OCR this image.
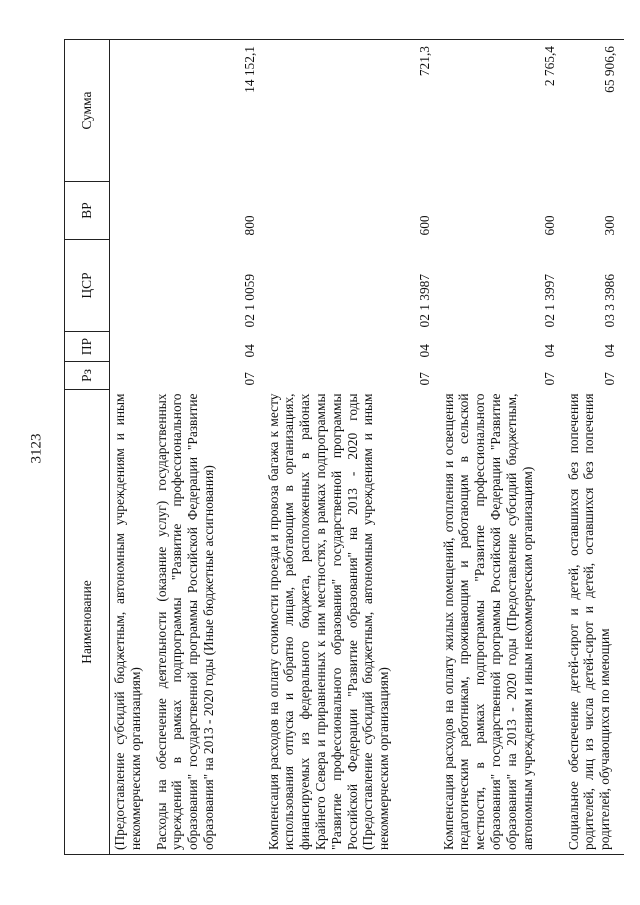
3123
Наименование	Рз	ПР	ЦСР	ВР	Сумма
(Предоставление субсидий бюджетным, автономным учреждениям и иным некоммерческим организациям)					
Расходы на обеспечение деятельности (оказание услуг) государственных учреждений в рамках подпрограммы "Развитие профессионального образования" государственной программы Российской Федерации "Развитие образования" на 2013 - 2020 годы (Иные бюджетные ассигнования)	07	04	02 1 0059	800	14 152,1
Компенсация расходов на оплату стоимости проезда и провоза багажа к месту использования отпуска и обратно лицам, работающим в организациях, финансируемых из федерального бюджета, расположенных в районах Крайнего Севера и приравненных к ним местностях, в рамках подпрограммы "Развитие профессионального образования" государственной программы Российской Федерации "Развитие образования" на 2013 - 2020 годы (Предоставление субсидий бюджетным, автономным учреждениям и иным некоммерческим организациям)	07	04	02 1 3987	600	721,3
Компенсация расходов на оплату жилых помещений, отопления и освещения педагогическим работникам, проживающим и работающим в сельской местности, в рамках подпрограммы "Развитие профессионального образования" государственной программы Российской Федерации "Развитие образования" на 2013 - 2020 годы (Предоставление субсидий бюджетным, автономным учреждениям и иным некоммерческим организациям)	07	04	02 1 3997	600	2 765,4
Социальное обеспечение детей-сирот и детей, оставшихся без попечения родителей, лиц из числа детей-сирот и детей, оставшихся без попечения родителей, обучающихся по имеющим	07	04	03 3 3986	300	65 906,6
